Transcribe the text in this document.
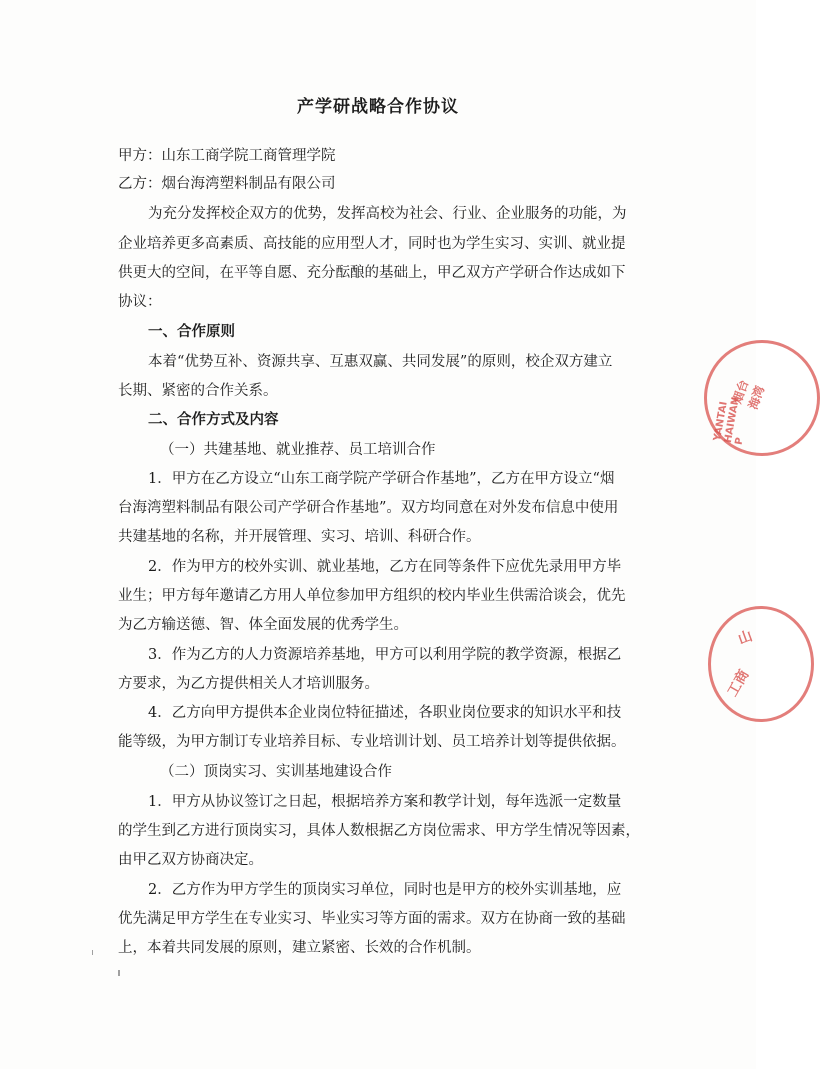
产学研战略合作协议
甲方：山东工商学院工商管理学院
乙方：烟台海湾塑料制品有限公司
为充分发挥校企双方的优势，发挥高校为社会、行业、企业服务的功能，为
企业培养更多高素质、高技能的应用型人才，同时也为学生实习、实训、就业提
供更大的空间，在平等自愿、充分酝酿的基础上，甲乙双方产学研合作达成如下
协议：
一、合作原则
本着“优势互补、资源共享、互惠双赢、共同发展”的原则，校企双方建立
长期、紧密的合作关系。
二、合作方式及内容
（一）共建基地、就业推荐、员工培训合作
1．甲方在乙方设立“山东工商学院产学研合作基地”，乙方在甲方设立“烟
台海湾塑料制品有限公司产学研合作基地”。双方均同意在对外发布信息中使用
共建基地的名称，并开展管理、实习、培训、科研合作。
2．作为甲方的校外实训、就业基地，乙方在同等条件下应优先录用甲方毕
业生；甲方每年邀请乙方用人单位参加甲方组织的校内毕业生供需洽谈会，优先
为乙方输送德、智、体全面发展的优秀学生。
3．作为乙方的人力资源培养基地，甲方可以利用学院的教学资源，根据乙
方要求，为乙方提供相关人才培训服务。
4．乙方向甲方提供本企业岗位特征描述，各职业岗位要求的知识水平和技
能等级，为甲方制订专业培养目标、专业培训计划、员工培养计划等提供依据。
（二）顶岗实习、实训基地建设合作
1．甲方从协议签订之日起，根据培养方案和教学计划，每年选派一定数量
的学生到乙方进行顶岗实习，具体人数根据乙方岗位需求、甲方学生情况等因素，
由甲乙双方协商决定。
2．乙方作为甲方学生的顶岗实习单位，同时也是甲方的校外实训基地，应
优先满足甲方学生在专业实习、毕业实习等方面的需求。双方在协商一致的基础
上，本着共同发展的原则，建立紧密、长效的合作机制。
YANTAI HAIWAN P
烟台海湾
工商
山
